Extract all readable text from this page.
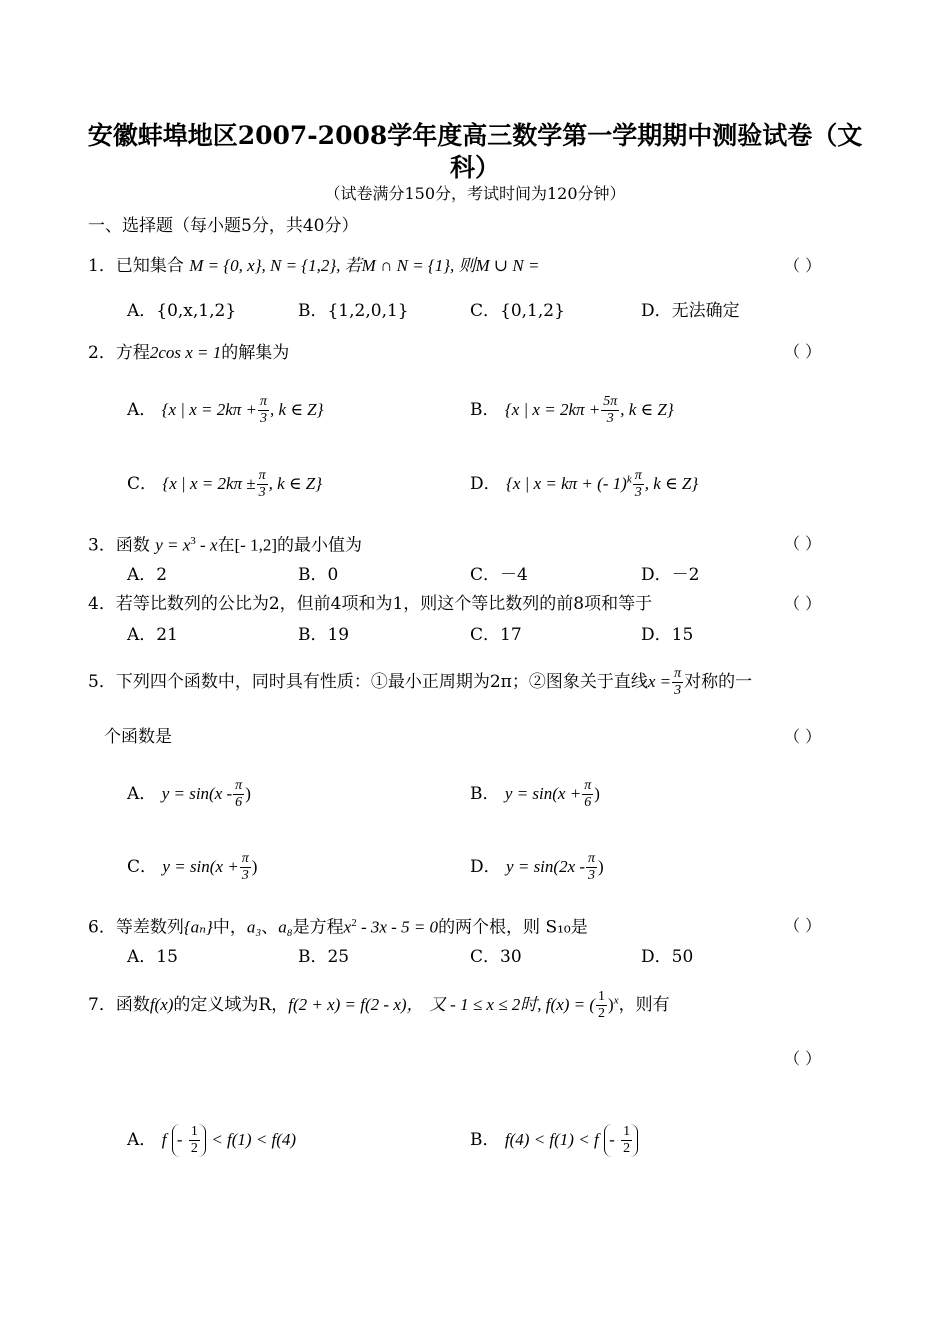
安徽蚌埠地区2007-2008学年度高三数学第一学期期中测验试卷（文
科）
（试卷满分150分，考试时间为120分钟）
一、选择题（每小题5分，共40分）
1．已知集合 M = {0, x}, N = {1,2}, 若M ∩ N = {1}, 则M ∪ N =	（ ）
A．{0,x,1,2}	B．{1,2,0,1}	C．{0,1,2}	D．无法确定
2．方程2cos x = 1的解集为	（ ）
A． {x | $x = 2k\pi + \frac{\pi}{3}$ , k ∈ Z}	B． {x | $x = 2k\pi + \frac{5\pi}{3}$ , k ∈ Z}
C． {x | $x = 2k\pi \pm \frac{\pi}{3}$ , k ∈ Z}	D． {x | x = kπ + (- $1)^k \frac{\pi}{3}$ , k ∈ Z}
3．函数 $y = x^3 - x$在[- 1,2]的最小值为	（ ）
A．2	B．0	C．－4	D．－2
4．若等比数列的公比为2，但前4项和为1，则这个等比数列的前8项和等于	（ ）
A．21	B．19	C．17	D．15
5．下列四个函数中，同时具有性质：①最小正周期为2π；②图象关于直线$x = \frac{\pi}{3}$ 对称的一
个函数是	（ ）
A． $y = \sin(x - \frac{\pi}{6}$ )	B． $y = \sin(x + \frac{\pi}{6}$ )
C． $y = \sin(x + \frac{\pi}{3}$ )	D． $y = \sin(2x - \frac{\pi}{3}$ )
6．等差数列{aₙ}中，a₃、a₈是方程$x^2 - 3x - 5 = 0$的两个根，则 S₁₀是	（ ）
A．15	B．25	C．30	D．50
7．函数f(x)的定义域为R，f(2 + x) = f(2 - x)， 又 - 1 ≤ x ≤ 2时, f(x) = ( $\frac{1}{2} )^x$，则有
（ ）
A． $f - \frac{1}{2} < f(1) < f(4)$	B． $f(4) < f(1) < f - \frac{1}{2}$
